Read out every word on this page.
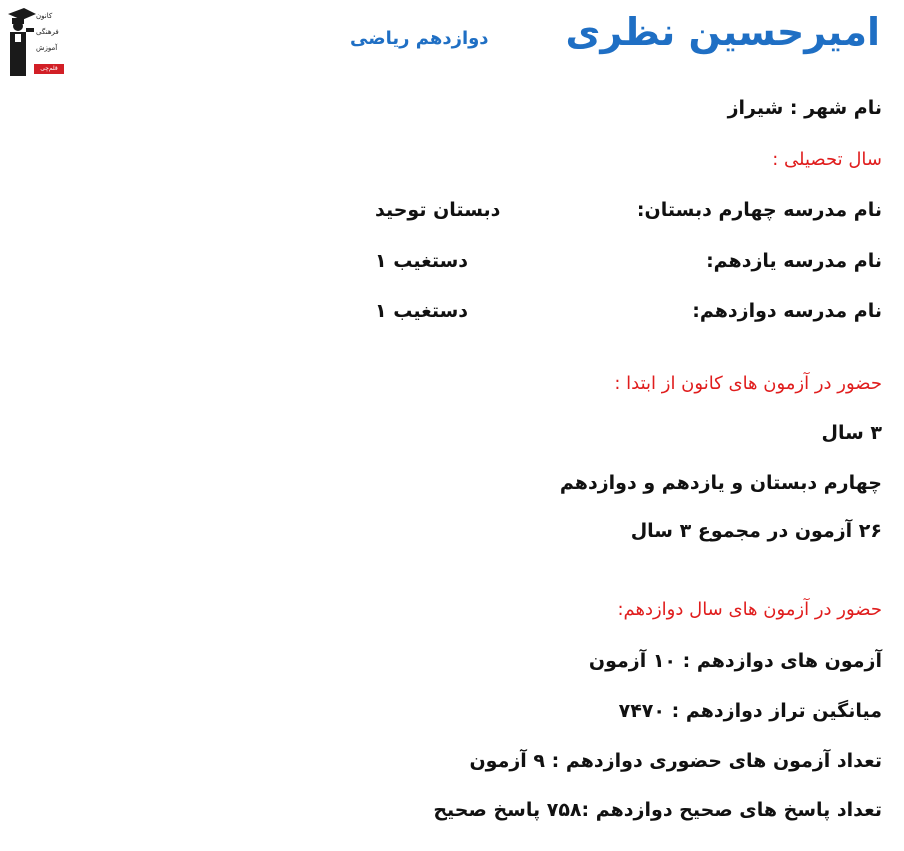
کانون
فرهنگی
آموزش
قلم‌چی
امیرحسین نظری
دوازدهم ریاضی
نام شهر : شیراز
سال تحصیلی :
نام مدرسه چهارم دبستان:
دبستان توحید
نام مدرسه یازدهم:
دستغیب ۱
نام مدرسه دوازدهم:
دستغیب ۱
حضور در آزمون های کانون از ابتدا :
۳ سال
چهارم دبستان و یازدهم و دوازدهم
۲۶ آزمون در مجموع ۳ سال
حضور در آزمون های سال دوازدهم:
آزمون های دوازدهم : ۱۰ آزمون
میانگین تراز دوازدهم : ۷۴۷۰
تعداد آزمون های حضوری دوازدهم : ۹ آزمون
تعداد پاسخ های صحیح دوازدهم :۷۵۸ پاسخ صحیح
